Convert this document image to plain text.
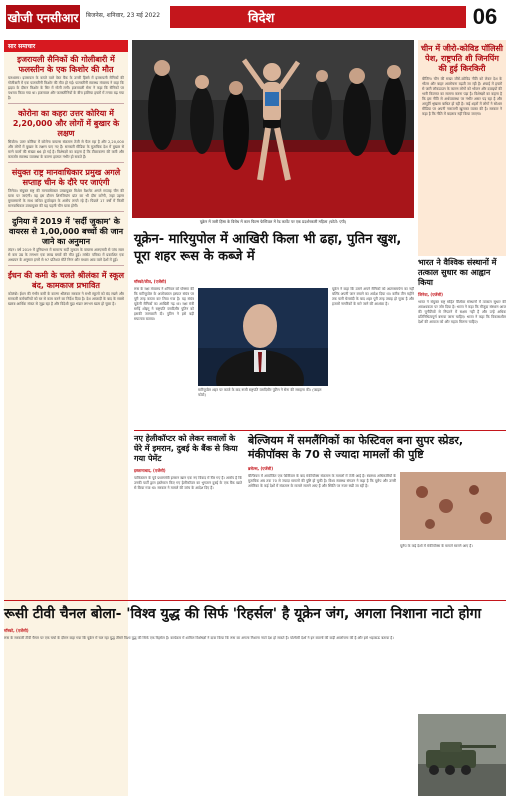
खोजी एनसीआर बिजनेस, शनिवार, 23 मई 2022	विदेश	06
सार समाचार
इजरायली सैनिकों की गोलीबारी में फलस्तीन के एक किशोर की मौत
यरुशलम। इजरायल के कब्जे वाले वेस्ट बैंक के उत्तरी हिस्से में इजरायली सैनिकों की गोलीबारी में एक फलस्तीनी किशोर की मौत हो गई। फलस्तीनी स्वास्थ्य मंत्रालय ने कहा कि झड़प के दौरान किशोर के सिर में गोली लगी। इजरायली सेना ने कहा कि सैनिकों पर पथराव किया गया था। इजरायल और फलस्तीनियों के बीच हालिया हफ्तों में तनाव बढ़ गया है।
कोरोना का कहरः उत्तर कोरिया में 2,20,000 और लोगों में बुखार के लक्षण
सियोल। उत्तर कोरिया में कोरोना वायरस संक्रमण तेजी से फैल रहा है और 2,20,000 और लोगों में बुखार के लक्षण पाए गए हैं। सरकारी मीडिया के मुताबिक देश में बुखार से मरने वालों की संख्या 66 हो गई है। विशेषज्ञों का कहना है कि टीकाकरण की कमी और कमजोर स्वास्थ्य व्यवस्था के कारण हालात गंभीर हो सकते हैं।
संयुक्त राष्ट्र मानवाधिकार प्रमुख अगले सप्ताह चीन के दौरे पर जाएंगी
जिनेवा। संयुक्त राष्ट्र की मानवाधिकार उच्चायुक्त मिशेल बैशलेट अगले सप्ताह चीन की यात्रा पर जाएंगी। वह इस दौरान शिनजियांग प्रांत का भी दौरा करेंगी, जहां उइगर मुसलमानों के साथ कथित दुर्व्यवहार के आरोप लगते रहे हैं। पिछले 17 वर्षों में किसी मानवाधिकार उच्चायुक्त की यह पहली चीन यात्रा होगी।
दुनिया में 2019 में 'सर्दी जुकाम' के वायरस से 1,00,000 बच्चों की जान जाने का अनुमान
लंदन। वर्ष 2019 में दुनियाभर में सामान्य सर्दी जुकाम के वायरस आरएसवी से पांच साल से कम उम्र के लगभग एक लाख बच्चों की मौत हुई। लांसेट पत्रिका में प्रकाशित एक अध्ययन के अनुसार इनमें से 97 प्रतिशत मौतें निम्न और मध्यम आय वाले देशों में हुईं।
ईंधन की कमी के चलते श्रीलंका में स्कूल बंद, कामकाज प्रभावित
कोलंबो। ईंधन की गंभीर कमी के कारण श्रीलंका सरकार ने सभी स्कूलों को बंद रखने और सरकारी कर्मचारियों को घर से काम करने का निर्देश दिया है। देश आजादी के बाद के सबसे खराब आर्थिक संकट से जूझ रहा है और विदेशी मुद्रा भंडार लगभग खत्म हो चुका है।
यूक्रेन में जारी हिंसा के विरोध में कान फिल्म फेस्टिवल में रेड कार्पेट पर एक प्रदर्शनकारी महिला (फोटो: एपी)
चीन में जीरो-कोविड पॉलिसी पेश, राष्ट्रपति शी जिनपिंग की हुई किरकिरी
बीजिंग। चीन की सख्त जीरो-कोविड नीति को लेकर देश के भीतर और बाहर आलोचना बढ़ती जा रही है। शंघाई में हफ्तों से जारी लॉकडाउन के कारण लोगों को भोजन और दवाइयों की भारी किल्लत का सामना करना पड़ा है। विशेषज्ञों का कहना है कि इस नीति से अर्थव्यवस्था पर गंभीर असर पड़ रहा है और आपूर्ति श्रृंखला बाधित हो रही है। कई शहरों में लोगों ने सोशल मीडिया पर अपनी नाराजगी खुलकर व्यक्त की है। सरकार ने कहा है कि नीति में बदलाव नहीं किया जाएगा।
यूक्रेन- मारियुपोल में आखिरी किला भी ढहा, पुतिन खुश, पूरा शहर रूस के कब्जे में
मॉस्को/कीव, (एजेंसी)
रूस के रक्षा मंत्रालय ने शनिवार को घोषणा की कि मारियुपोल के अजोवस्टल इस्पात संयंत्र पर पूरी तरह कब्जा कर लिया गया है। यह संयंत्र यूक्रेनी सैनिकों का आखिरी गढ़ था। रक्षा मंत्री सर्गेई शोइगू ने राष्ट्रपति व्लादिमीर पुतिन को इसकी जानकारी दी। पुतिन ने इसे बड़ी सफलता बताया।
मारियुपोल शहर पर कब्जे के बाद रूसी राष्ट्रपति व्लादिमीर पुतिन ने सेना की सराहना की। (फाइल फोटो)
यूक्रेन ने कहा कि उसने अपने सैनिकों को आत्मसमर्पण का नहीं बल्कि अपनी जान बचाने का आदेश दिया था। करीब तीन महीने तक चली घेराबंदी के बाद शहर पूरी तरह तबाह हो चुका है और हजारों नागरिकों के मारे जाने की आशंका है।
भारत ने वैश्विक संस्थानों में तत्काल सुधार का आह्वान किया
जिनेवा, (एजेंसी)
भारत ने संयुक्त राष्ट्र सहित वैश्विक संस्थानों में तत्काल सुधार की आवश्यकता पर जोर दिया है। भारत ने कहा कि मौजूदा संस्थान आज की चुनौतियों से निपटने में सक्षम नहीं हैं और उन्हें अधिक प्रतिनिधित्वपूर्ण बनाया जाना चाहिए। भारत ने कहा कि विकासशील देशों की आवाज को और महत्व मिलना चाहिए।
नए हेलीकॉप्टर को लेकर सवालों के घेरे में इमरान, दुबई के बैंक से किया गया पेमेंट
इस्लामाबाद, (एजेंसी)
पाकिस्तान के पूर्व प्रधानमंत्री इमरान खान एक नए विवाद में घिर गए हैं। आरोप है कि उनकी पार्टी द्वारा इस्तेमाल किए गए हेलीकॉप्टर का भुगतान दुबई के एक बैंक खाते से किया गया था। सरकार ने मामले की जांच के आदेश दिए हैं।
बेल्जियम में समलैंगिकों का फेस्टिवल बना सुपर स्प्रेडर, मंकीपॉक्स के 70 से ज्यादा मामलों की पुष्टि
ब्रसेल्स, (एजेंसी)
बेल्जियम में आयोजित एक फेस्टिवल के बाद मंकीपॉक्स संक्रमण के मामलों में तेजी आई है। स्वास्थ्य अधिकारियों के मुताबिक अब तक 70 से ज्यादा मामलों की पुष्टि हो चुकी है। विश्व स्वास्थ्य संगठन ने कहा है कि यूरोप और उत्तरी अमेरिका के कई देशों में संक्रमण के मामले सामने आए हैं और स्थिति पर नजर रखी जा रही है।
यूरोप के कई देशों में मंकीपॉक्स के मामले सामने आए हैं।
रूसी टीवी चैनल बोला- 'विश्व युद्ध की सिर्फ 'रिहर्सल' है यूक्रेन जंग, अगला निशाना नाटो होगा
मॉस्को, (एजेंसी)
रूस के सरकारी टीवी चैनल पर एक चर्चा के दौरान कहा गया कि यूक्रेन में चल रहा युद्ध तीसरे विश्व युद्ध की सिर्फ एक रिहर्सल है। कार्यक्रम में शामिल विशेषज्ञों ने दावा किया कि रूस का अगला निशाना नाटो देश हो सकते हैं। पश्चिमी देशों ने इन बयानों की कड़ी आलोचना की है और इसे भड़काऊ बताया है।
